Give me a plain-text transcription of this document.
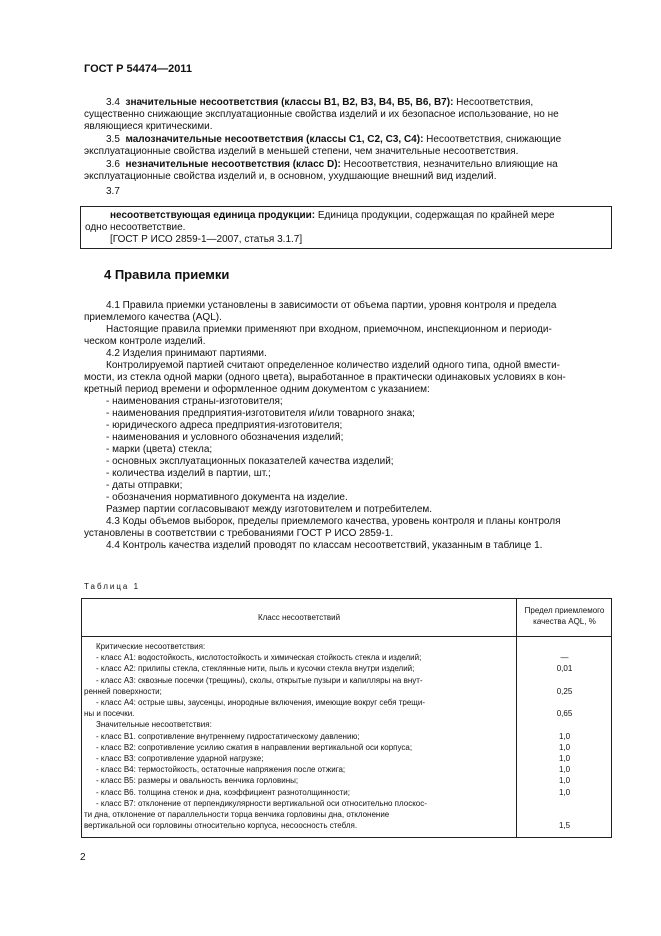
ГОСТ Р 54474—2011
3.4 значительные несоответствия (классы В1, В2, В3, В4, В5, В6, В7): Несоответствия,
существенно снижающие эксплуатационные свойства изделий и их безопасное использование, но не
являющиеся критическими.
3.5 малозначительные несоответствия (классы С1, С2, С3, С4): Несоответствия, снижающие
эксплуатационные свойства изделий в меньшей степени, чем значительные несоответствия.
3.6 незначительные несоответствия (класс D): Несоответствия, незначительно влияющие на
эксплуатационные свойства изделий и, в основном, ухудшающие внешний вид изделий.
3.7
несоответствующая единица продукции: Единица продукции, содержащая по крайней мере
одно несоответствие.
[ГОСТ Р ИСО 2859-1—2007, статья 3.1.7]
4 Правила приемки
4.1 Правила приемки установлены в зависимости от объема партии, уровня контроля и предела
приемлемого качества (AQL).
Настоящие правила приемки применяют при входном, приемочном, инспекционном и периоди-
ческом контроле изделий.
4.2 Изделия принимают партиями.
Контролируемой партией считают определенное количество изделий одного типа, одной вмести-
мости, из стекла одной марки (одного цвета), выработанное в практически одинаковых условиях в кон-
кретный период времени и оформленное одним документом с указанием:
- наименования страны-изготовителя;
- наименования предприятия-изготовителя и/или товарного знака;
- юридического адреса предприятия-изготовителя;
- наименования и условного обозначения изделий;
- марки (цвета) стекла;
- основных эксплуатационных показателей качества изделий;
- количества изделий в партии, шт.;
- даты отправки;
- обозначения нормативного документа на изделие.
Размер партии согласовывают между изготовителем и потребителем.
4.3 Коды объемов выборок, пределы приемлемого качества, уровень контроля и планы контроля
установлены в соответствии с требованиями ГОСТ Р ИСО 2859-1.
4.4 Контроль качества изделий проводят по классам несоответствий, указанным в таблице 1.
Таблица 1
Класс несоответствий
Предел приемлемого
качества AQL, %
Критические несоответствия:
- класс А1: водостойкость, кислотостойкость и химическая стойкость стекла и изделий;	—
- класс А2: прилипы стекла, стеклянные нити, пыль и кусочки стекла внутри изделий;	0,01
- класс А3: сквозные посечки (трещины), сколы, открытые пузыри и капилляры на внут-
ренней поверхности;	0,25
- класс А4: острые швы, заусенцы, инородные включения, имеющие вокруг себя трещи-
ны и посечки.	0,65
Значительные несоответствия:
- класс В1. сопротивление внутреннему гидростатическому давлению;	1,0
- класс В2: сопротивление усилию сжатия в направлении вертикальной оси корпуса;	1,0
- класс В3: сопротивление ударной нагрузке;	1,0
- класс В4: термостойкость, остаточные напряжения после отжига;	1,0
- класс В5: размеры и овальность венчика горловины;	1,0
- класс В6. толщина стенок и дна, коэффициент разнотолщинности;	1,0
- класс В7: отклонение от перпендикулярности вертикальной оси относительно плоскос-
ти дна, отклонение от параллельности торца венчика горловины дна, отклонение
вертикальной оси горловины относительно корпуса, несоосность стебля.	1,5
2
